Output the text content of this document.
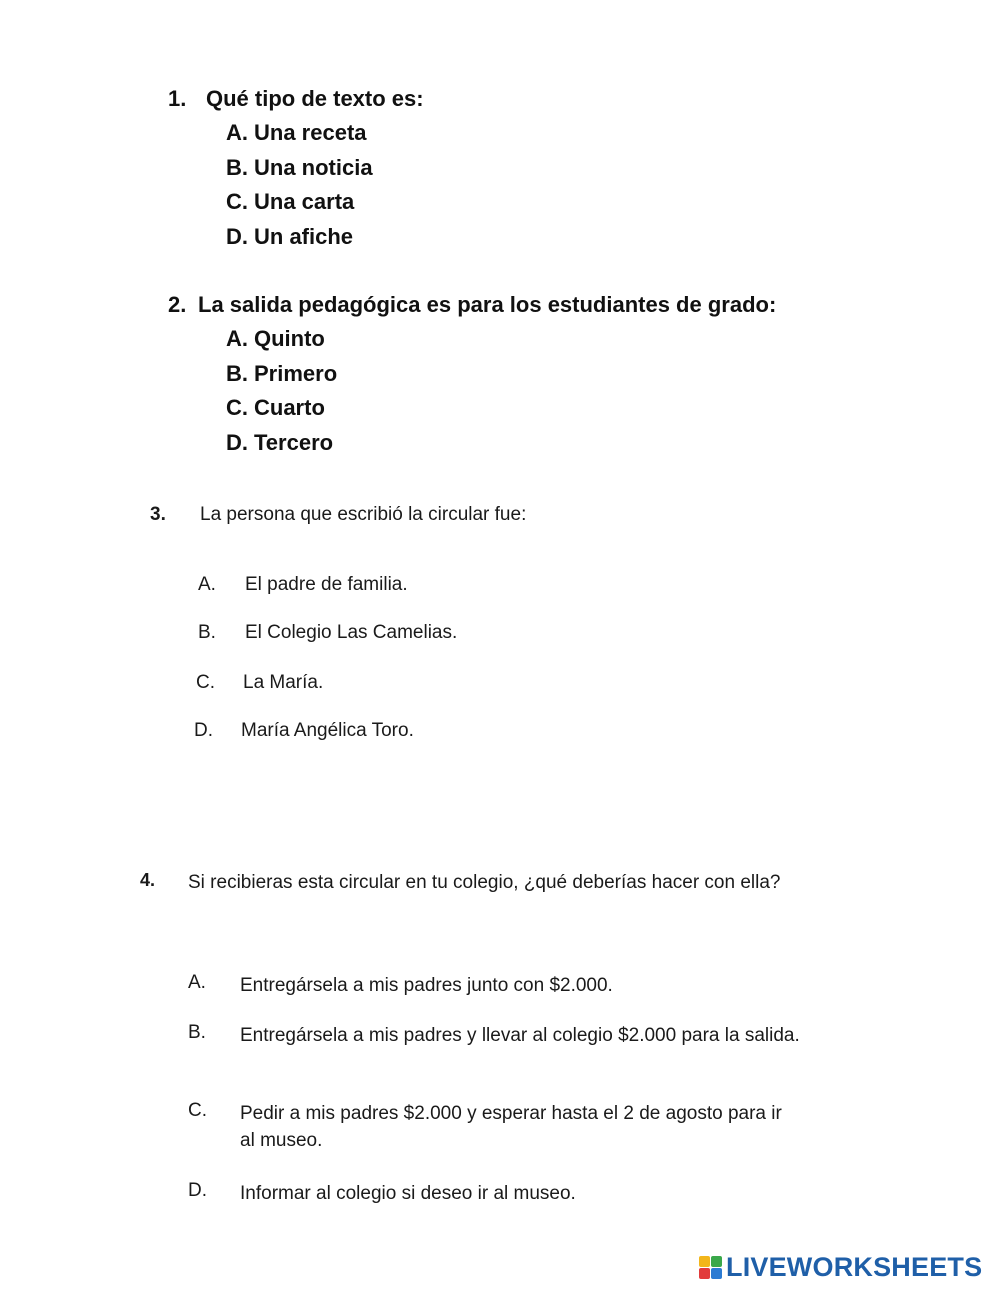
1. Qué tipo de texto es:
A. Una receta
B. Una noticia
C. Una carta
D. Un afiche
2. La salida pedagógica es para los estudiantes de grado:
A. Quinto
B. Primero
C. Cuarto
D. Tercero
3.	La persona que escribió la circular fue:
A.	El padre de familia.
B.	El Colegio Las Camelias.
C.	La María.
D.	María Angélica Toro.
4.	Si recibieras esta circular en tu colegio, ¿qué deberías hacer con ella?
A.	Entregársela a mis padres junto con $2.000.
B.	Entregársela a mis padres y llevar al colegio $2.000 para la salida.
C.	Pedir a mis padres $2.000 y esperar hasta el 2 de agosto para ir al museo.
D.	Informar al colegio si deseo ir al museo.
LIVEWORKSHEETS
